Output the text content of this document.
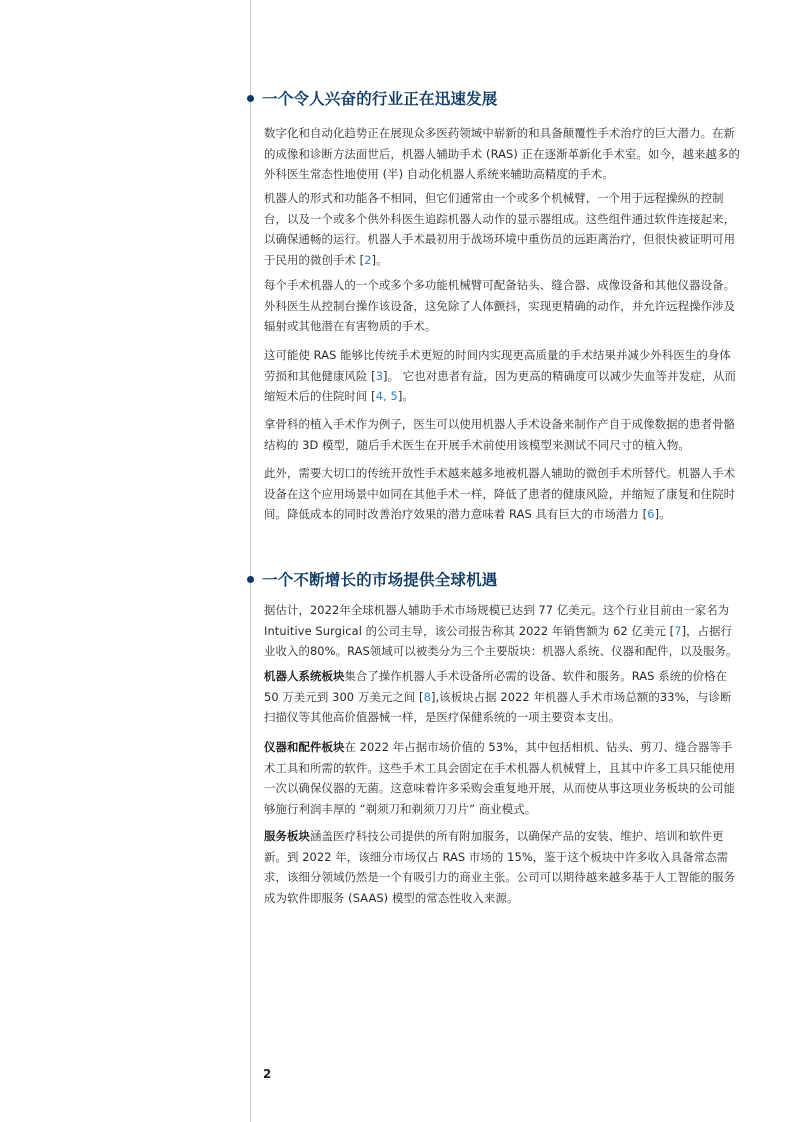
一个令人兴奋的行业正在迅速发展

数字化和自动化趋势正在展现众多医药领域中崭新的和具备颠覆性手术治疗的巨大潜力。在新的成像和诊断方法面世后，机器人辅助手术 (RAS) 正在逐渐革新化手术室。如今，越来越多的外科医生常态性地使用 (半) 自动化机器人系统来辅助高精度的手术。

机器人的形式和功能各不相同，但它们通常由一个或多个机械臂，一个用于远程操纵的控制台，以及一个或多个供外科医生追踪机器人动作的显示器组成。这些组件通过软件连接起来，以确保通畅的运行。机器人手术最初用于战场环境中重伤员的远距离治疗，但很快被证明可用于民用的微创手术 [2]。

每个手术机器人的一个或多个多功能机械臂可配备钻头、缝合器、成像设备和其他仪器设备。外科医生从控制台操作该设备，这免除了人体颤抖，实现更精确的动作，并允许远程操作涉及辐射或其他潜在有害物质的手术。

这可能使 RAS 能够比传统手术更短的时间内实现更高质量的手术结果并减少外科医生的身体劳损和其他健康风险 [3]。 它也对患者有益，因为更高的精确度可以减少失血等并发症，从而缩短术后的住院时间 [4, 5]。

拿骨科的植入手术作为例子，医生可以使用机器人手术设备来制作产自于成像数据的患者骨骼结构的 3D 模型，随后手术医生在开展手术前使用该模型来测试不同尺寸的植入物。

此外，需要大切口的传统开放性手术越来越多地被机器人辅助的微创手术所替代。机器人手术设备在这个应用场景中如同在其他手术一样，降低了患者的健康风险，并缩短了康复和住院时间。降低成本的同时改善治疗效果的潜力意味着 RAS 具有巨大的市场潜力 [6]。

一个不断增长的市场提供全球机遇

据估计，2022年全球机器人辅助手术市场规模已达到 77 亿美元。这个行业目前由一家名为 Intuitive Surgical 的公司主导，该公司报告称其 2022 年销售额为 62 亿美元 [7]，占据行业收入的80%。RAS领域可以被类分为三个主要版块：机器人系统、仪器和配件，以及服务。

机器人系统板块集合了操作机器人手术设备所必需的设备、软件和服务。RAS 系统的价格在 50 万美元到 300 万美元之间 [8],该板块占据 2022 年机器人手术市场总额的33%，与诊断扫描仪等其他高价值器械一样，是医疗保健系统的一项主要资本支出。

仪器和配件板块在 2022 年占据市场价值的 53%，其中包括相机、钻头、剪刀、缝合器等手术工具和所需的软件。这些手术工具会固定在手术机器人机械臂上，且其中许多工具只能使用一次以确保仪器的无菌。这意味着许多采购会重复地开展，从而使从事这项业务板块的公司能够施行利润丰厚的 “剃须刀和剃须刀刀片” 商业模式。

服务板块涵盖医疗科技公司提供的所有附加服务，以确保产品的安装、维护、培训和软件更新。到 2022 年，该细分市场仅占 RAS 市场的 15%，鉴于这个板块中许多收入具备常态需求，该细分领域仍然是一个有吸引力的商业主张。公司可以期待越来越多基于人工智能的服务成为软件即服务 (SAAS) 模型的常态性收入来源。

2
